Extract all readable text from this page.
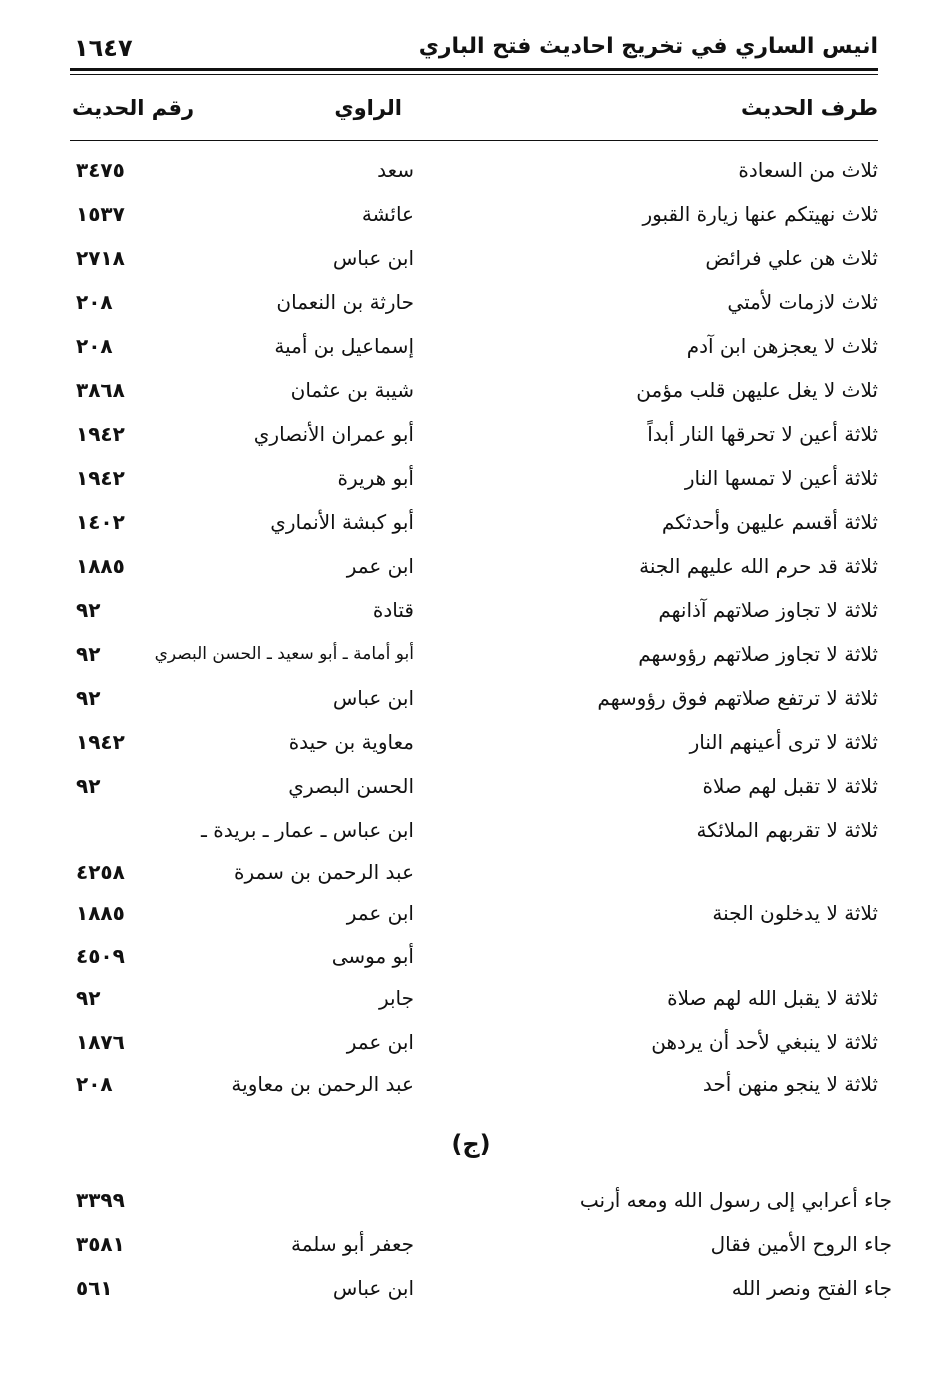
انيس الساري في تخريج احاديث فتح الباري
١٦٤٧
طرف الحديث
الراوي
رقم الحديث
ثلاث من السعادة
سعد
٣٤٧٥
ثلاث نهيتكم عنها زيارة القبور
عائشة
١٥٣٧
ثلاث هن علي فرائض
ابن عباس
٢٧١٨
ثلاث لازمات لأمتي
حارثة بن النعمان
٢٠٨
ثلاث لا يعجزهن ابن آدم
إسماعيل بن أمية
٢٠٨
ثلاث لا يغل عليهن قلب مؤمن
شيبة بن عثمان
٣٨٦٨
ثلاثة أعين لا تحرقها النار أبداً
أبو عمران الأنصاري
١٩٤٢
ثلاثة أعين لا تمسها النار
أبو هريرة
١٩٤٢
ثلاثة أقسم عليهن وأحدثكم
أبو كبشة الأنماري
١٤٠٢
ثلاثة قد حرم الله عليهم الجنة
ابن عمر
١٨٨٥
ثلاثة لا تجاوز صلاتهم آذانهم
قتادة
٩٢
ثلاثة لا تجاوز صلاتهم رؤوسهم
أبو أمامة ـ أبو سعيد ـ الحسن البصري
٩٢
ثلاثة لا ترتفع صلاتهم فوق رؤوسهم
ابن عباس
٩٢
ثلاثة لا ترى أعينهم النار
معاوية بن حيدة
١٩٤٢
ثلاثة لا تقبل لهم صلاة
الحسن البصري
٩٢
ثلاثة لا تقربهم الملائكة
ابن عباس ـ عمار ـ بريدة ـ
عبد الرحمن بن سمرة
٤٢٥٨
ثلاثة لا يدخلون الجنة
ابن عمر
١٨٨٥
أبو موسى
٤٥٠٩
ثلاثة لا يقبل الله لهم صلاة
جابر
٩٢
ثلاثة لا ينبغي لأحد أن يردهن
ابن عمر
١٨٧٦
ثلاثة لا ينجو منهن أحد
عبد الرحمن بن معاوية
٢٠٨
(ج)
جاء أعرابي إلى رسول الله ومعه أرنب
٣٣٩٩
جاء الروح الأمين فقال
جعفر أبو سلمة
٣٥٨١
جاء الفتح ونصر الله
ابن عباس
٥٦١
